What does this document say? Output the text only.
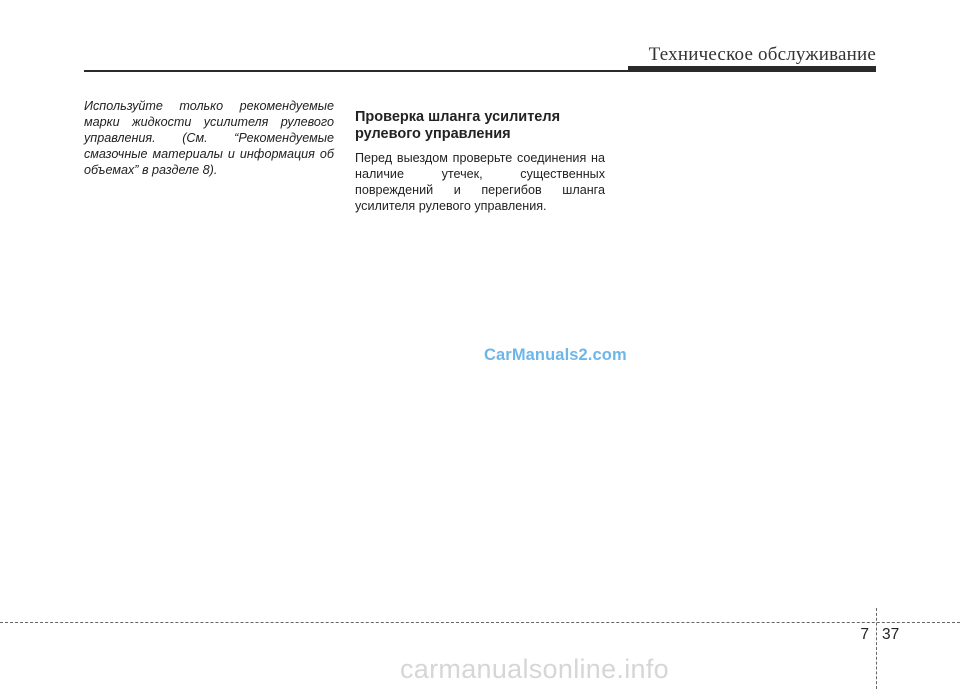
Техническое обслуживание
Используйте только рекомендуемые марки жидкости усилителя рулевого управления. (См. “Рекомендуемые смазочные материалы и информация об объемах” в разделе 8).
Проверка шланга усилителя рулевого управления

Перед выездом проверьте соединения на наличие утечек, существенных повреждений и перегибов шланга усилителя рулевого управления.

CarManuals2.com
7 37
carmanualsonline.info
